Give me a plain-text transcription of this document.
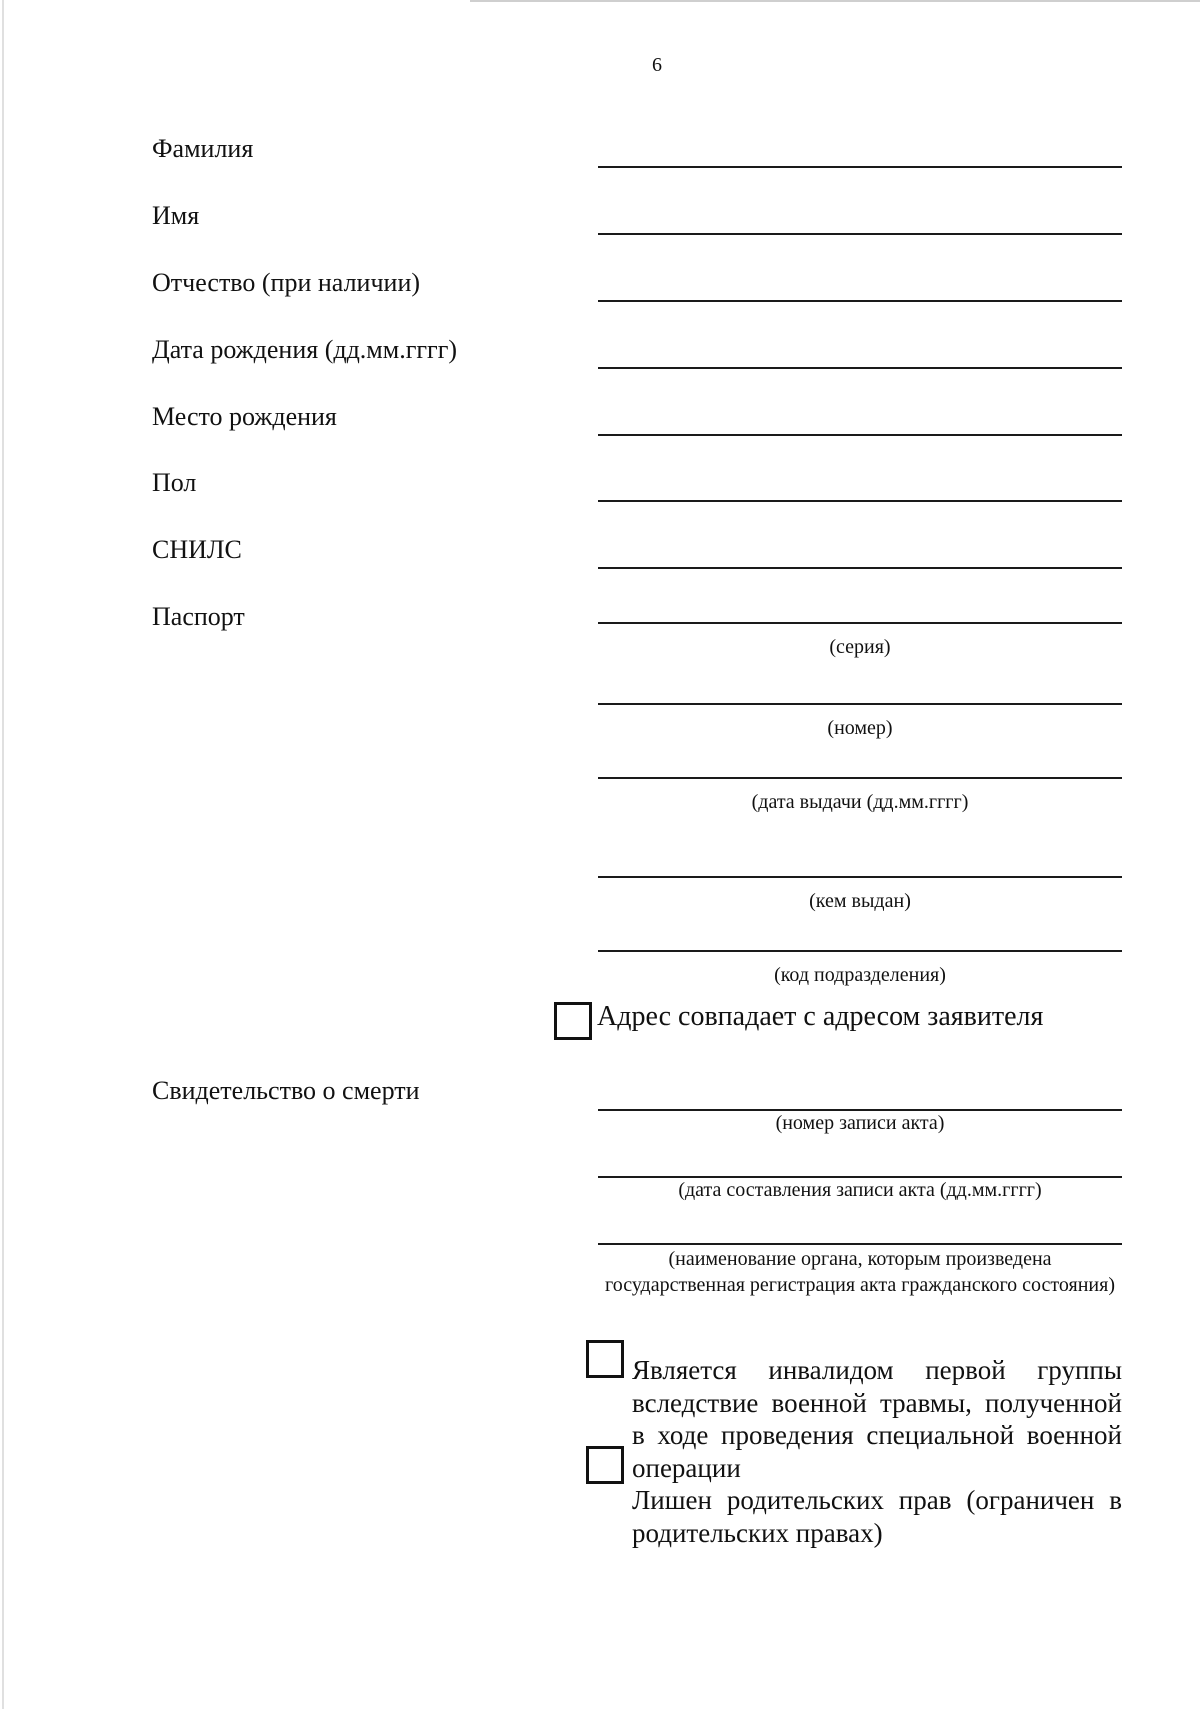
6
Фамилия
Имя
Отчество (при наличии)
Дата рождения (дд.мм.гггг)
Место рождения
Пол
СНИЛС
Паспорт
(серия)
(номер)
(дата выдачи (дд.мм.гггг)
(кем выдан)
(код подразделения)
Адрес совпадает с адресом заявителя
Свидетельство о смерти
(номер записи акта)
(дата составления записи акта (дд.мм.гггг)
(наименование органа, которым произведена государственная регистрация акта гражданского состояния)
Является инвалидом первой группы вследствие военной травмы, полученной в ходе проведения специальной военной операции
Лишен родительских прав (ограничен в родительских правах)
